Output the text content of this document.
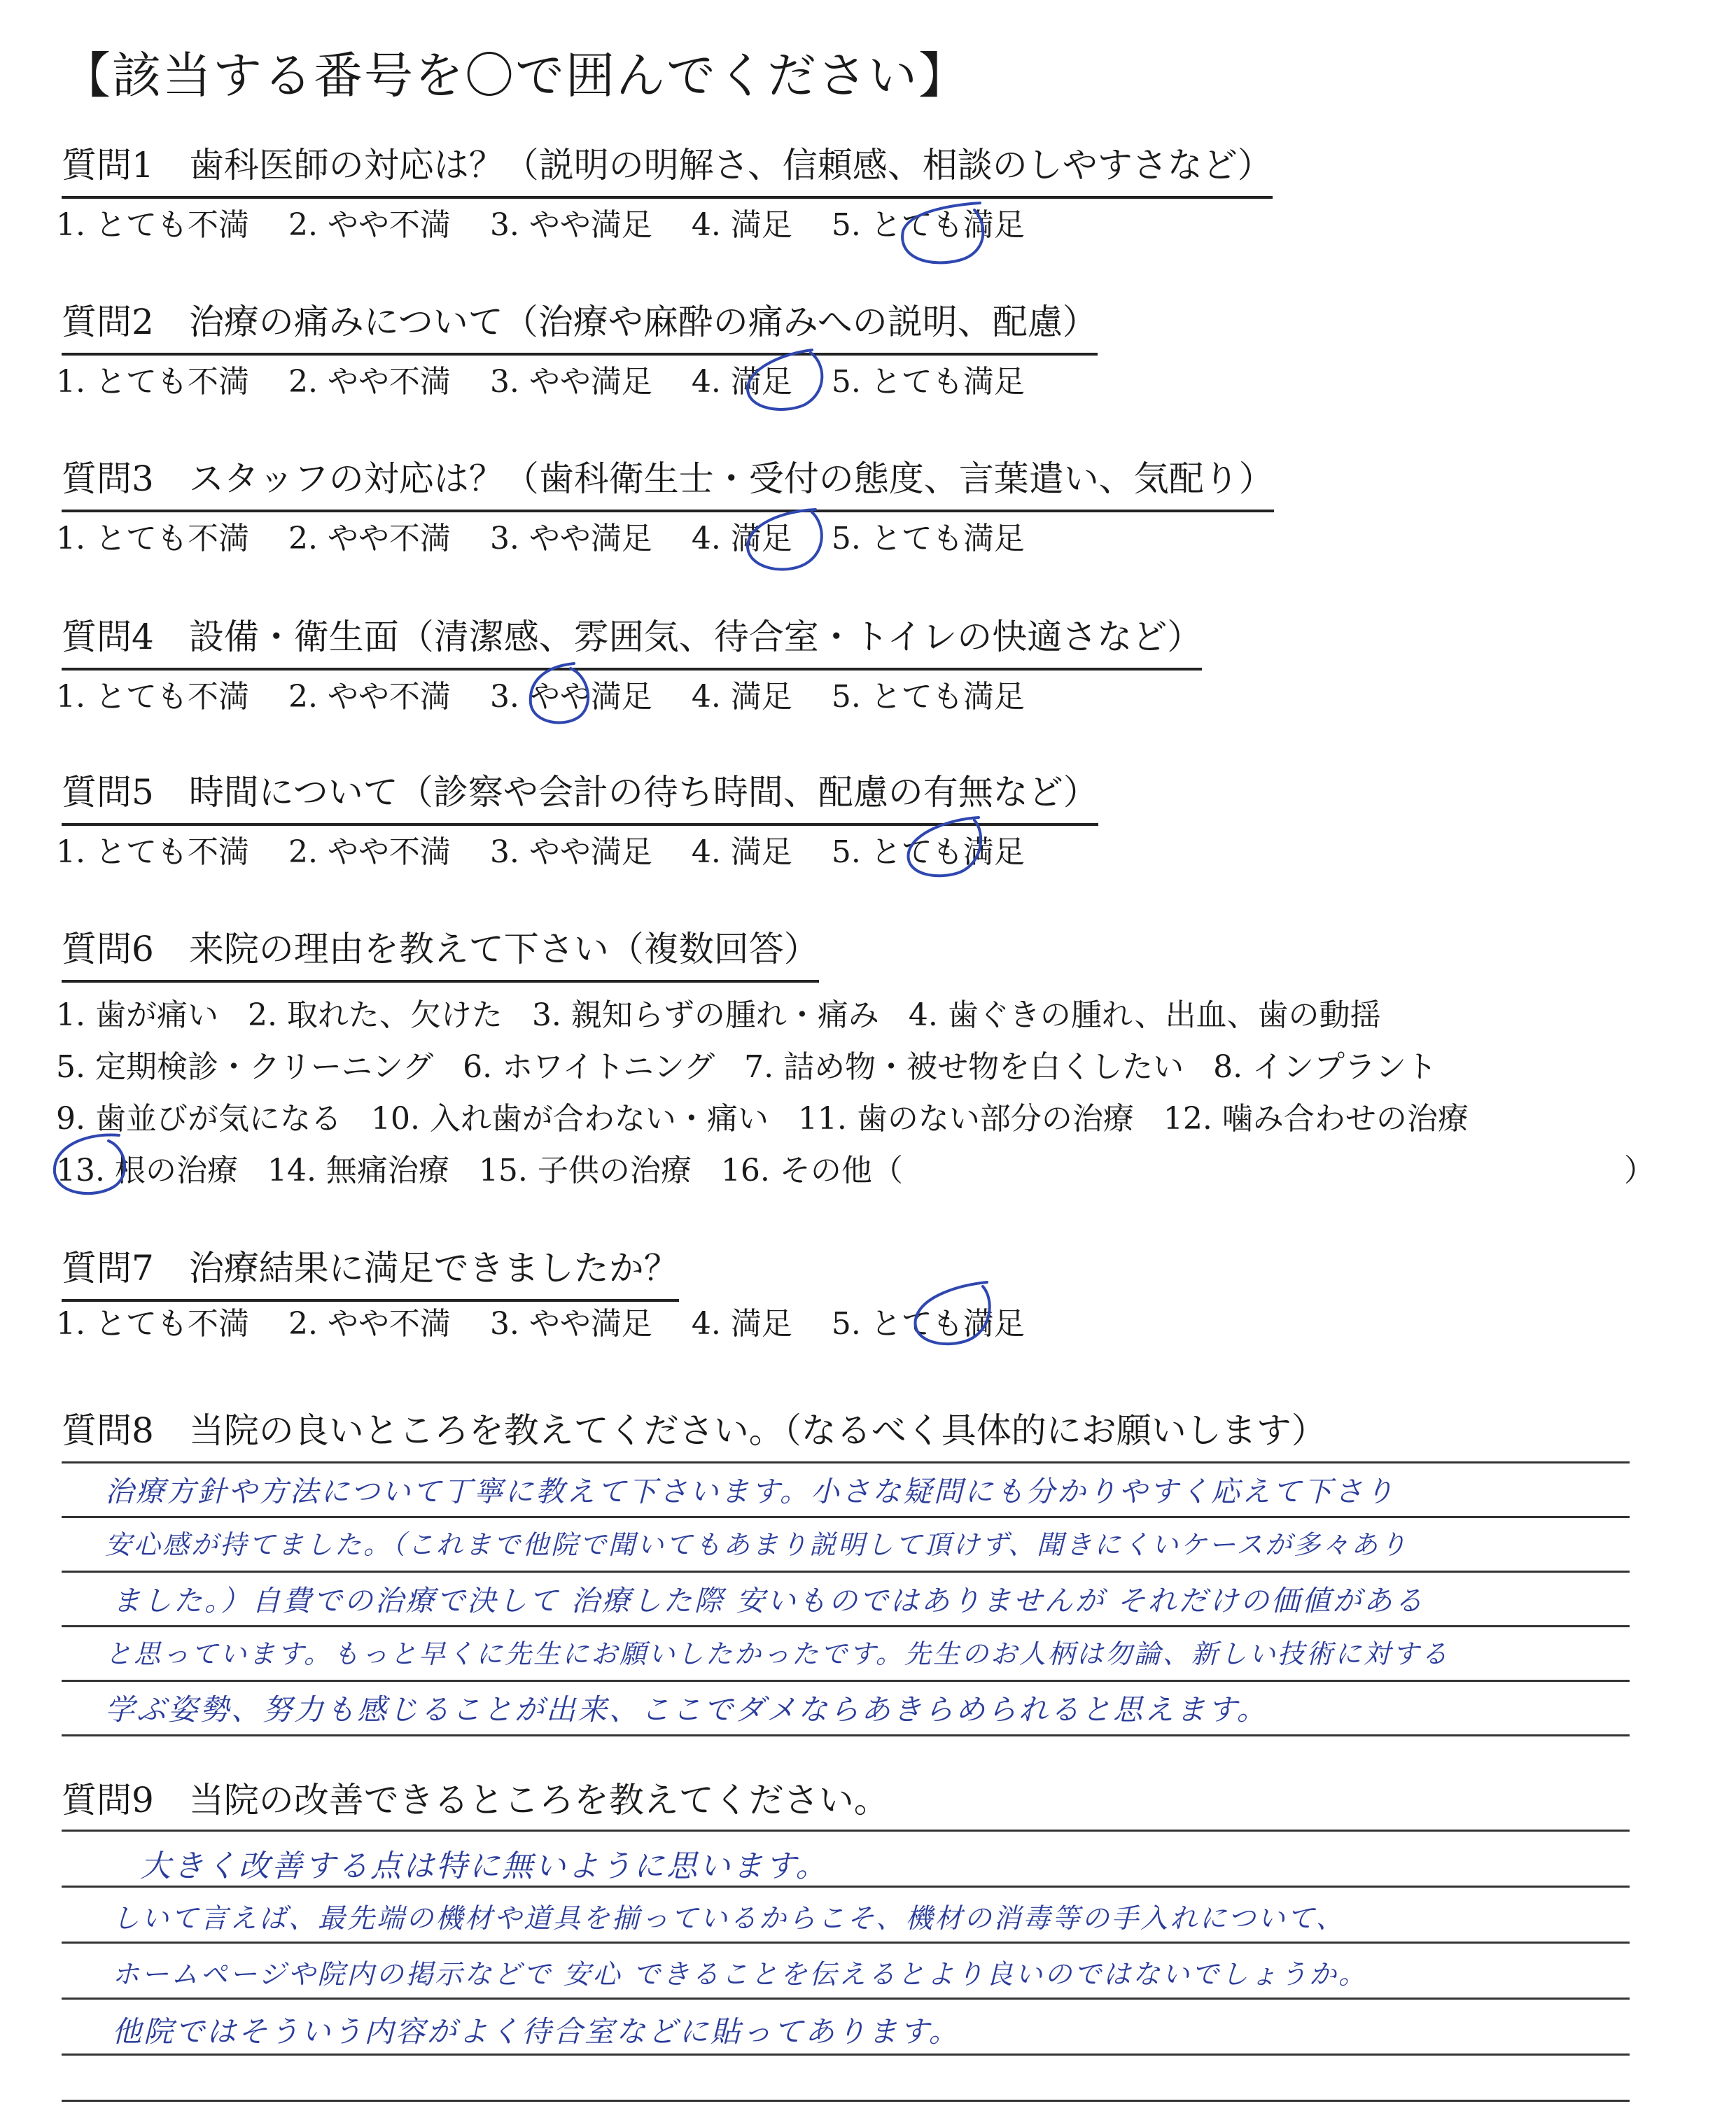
【該当する番号を〇で囲んでください】
質問1　 歯科医師の対応は？（説明の明解さ、信頼感、相談のしやすさなど）
1. とても不満 2. やや不満 3. やや満足 4. 満足 5. とても満足
質問2　 治療の痛みについて（治療や麻酔の痛みへの説明、配慮）
1. とても不満 2. やや不満 3. やや満足 4. 満足 5. とても満足
質問3　 スタッフの対応は？（歯科衛生士・受付の態度、言葉遣い、気配り）
1. とても不満 2. やや不満 3. やや満足 4. 満足 5. とても満足
質問4　 設備・衛生面（清潔感、雰囲気、待合室・トイレの快適さなど）
1. とても不満 2. やや不満 3. やや満足 4. 満足 5. とても満足
質問5　 時間について（診察や会計の待ち時間、配慮の有無など）
1. とても不満 2. やや不満 3. やや満足 4. 満足 5. とても満足
質問6　 来院の理由を教えて下さい（複数回答）
1. 歯が痛い 2. 取れた、欠けた 3. 親知らずの腫れ・痛み 4. 歯ぐきの腫れ、出血、歯の動揺
5. 定期検診・クリーニング 6. ホワイトニング 7. 詰め物・被せ物を白くしたい 8. インプラント
9. 歯並びが気になる 10. 入れ歯が合わない・痛い 11. 歯のない部分の治療 12. 噛み合わせの治療
13. 根の治療 14. 無痛治療 15. 子供の治療 16. その他（	）
質問7　 治療結果に満足できましたか？
1. とても不満 2. やや不満 3. やや満足 4. 満足 5. とても満足
質問8　 当院の良いところを教えてください。（なるべく具体的にお願いします）
治療方針や方法について丁寧に教えて下さいます。小さな疑問にも分かりやすく応えて下さり
安心感が持てました。（これまで他院で聞いてもあまり説明して頂けず、聞きにくいケースが多々あり
ました。）自費での治療で決して 治療した際 安いものではありませんが それだけの価値がある
と思っています。もっと早くに先生にお願いしたかったです。先生のお人柄は勿論、新しい技術に対する
学ぶ姿勢、努力も感じることが出来、ここでダメならあきらめられると思えます。
質問9　 当院の改善できるところを教えてください。
大きく改善する点は特に無いように思います。
しいて言えば、最先端の機材や道具を揃っているからこそ、機材の消毒等の手入れについて、
ホームページや院内の掲示などで 安心 できることを伝えるとより良いのではないでしょうか。
他院ではそういう内容がよく待合室などに貼ってあります。
